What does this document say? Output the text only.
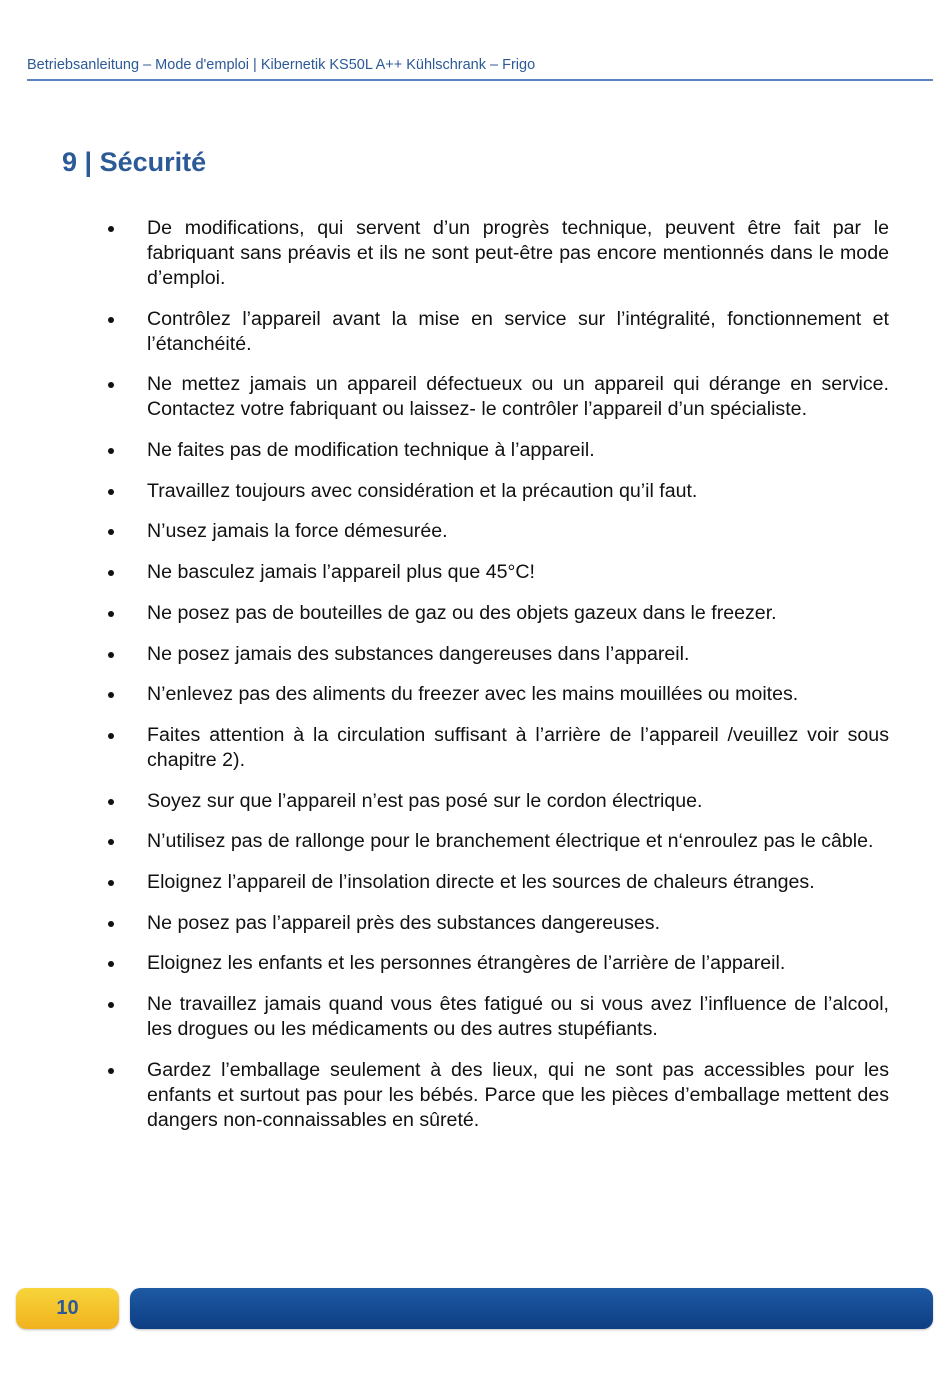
Betriebsanleitung – Mode d'emploi | Kibernetik KS50L A++ Kühlschrank – Frigo
9 | Sécurité
De modifications, qui servent d’un progrès technique, peuvent être fait par le fabriquant sans préavis et ils ne sont peut-être pas encore mentionnés dans le mode d’emploi.
Contrôlez l’appareil avant la mise en service sur l’intégralité, fonctionnement et l’étanchéité.
Ne mettez jamais un appareil défectueux ou un appareil qui dérange en service. Contactez votre fabriquant ou laissez- le contrôler l’appareil d’un spécialiste.
Ne faites pas de modification technique à l’appareil.
Travaillez toujours avec considération et la précaution qu’il faut.
N’usez jamais la force démesurée.
Ne basculez jamais l’appareil plus que 45°C!
Ne posez pas de bouteilles de gaz ou des objets gazeux dans le freezer.
Ne posez jamais des substances dangereuses dans l’appareil.
N’enlevez pas des aliments du freezer avec les mains mouillées ou moites.
Faites attention à la circulation suffisant à l’arrière de l’appareil /veuillez voir sous chapitre 2).
Soyez sur que l’appareil n’est pas posé sur le cordon électrique.
N’utilisez pas de rallonge pour le branchement électrique et n‘enroulez pas le câble.
Eloignez l’appareil de l’insolation directe et les sources de chaleurs étranges.
Ne posez pas l’appareil près des substances dangereuses.
Eloignez les enfants et les personnes étrangères de l’arrière de l’appareil.
Ne travaillez jamais quand vous êtes fatigué ou si vous avez l’influence de l’alcool, les drogues ou les médicaments ou des autres stupéfiants.
Gardez l’emballage seulement à des lieux, qui ne sont pas accessibles pour les enfants et surtout pas pour les bébés. Parce que les pièces d’emballage mettent des dangers non-connaissables en sûreté.
10
